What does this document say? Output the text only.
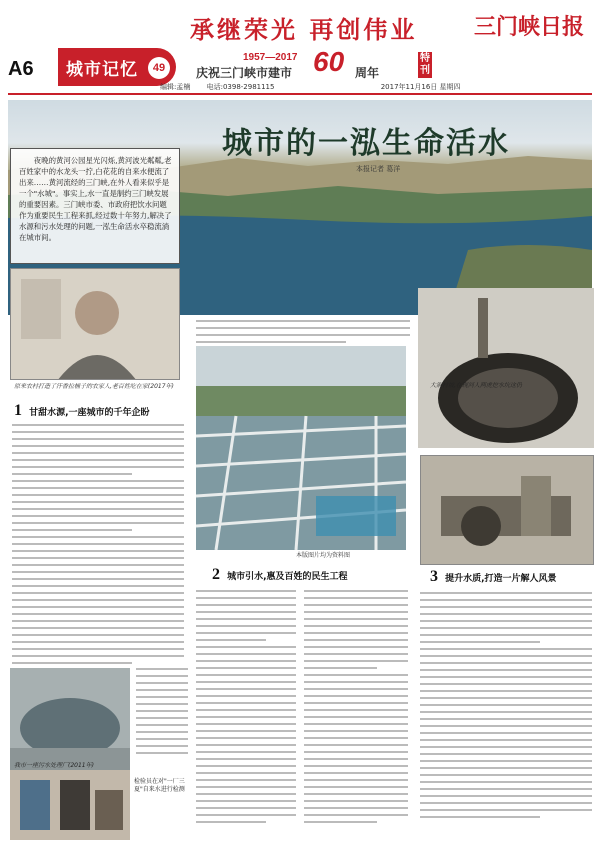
A6 城市记忆	49
承继荣光 再创伟业	三门峡日报
1957—2017
庆祝三门峡市建市 60 周年
特刊
编辑:孟楠 电话:0398-2981115	2017年11月16日 星期四
城市的一泓生命活水
本报记者 葛洋

夜晚的黄河公园星光闪烁,黄河波光粼粼,老百姓家中的水龙头一拧,白花花的自来水便流了出来……黄河流经的三门峡,在外人看来似乎是一个"水城"。事实上,水一直是制约三门峡发展的重要因素。三门峡市委、市政府把饮水问题作为重要民生工程来抓,经过数十年努力,解决了水源和污水处理的问题,一泓生命活水卒稳流淌在城市间。

原来农村打造了汗香拉桶子的农家人,老百姓吃在家(2017年)
1 甘甜水源,一座城市的千年企盼
本版图片均为资料图
2 城市引水,惠及百姓的民生工程
大涧村坡,在现河人两虎挖水坑这仍
3 提升水质,打造一片解人风景
我市一座污水处理厂(2011年)
检验员在对"一厂三夏"自来水进行检测
